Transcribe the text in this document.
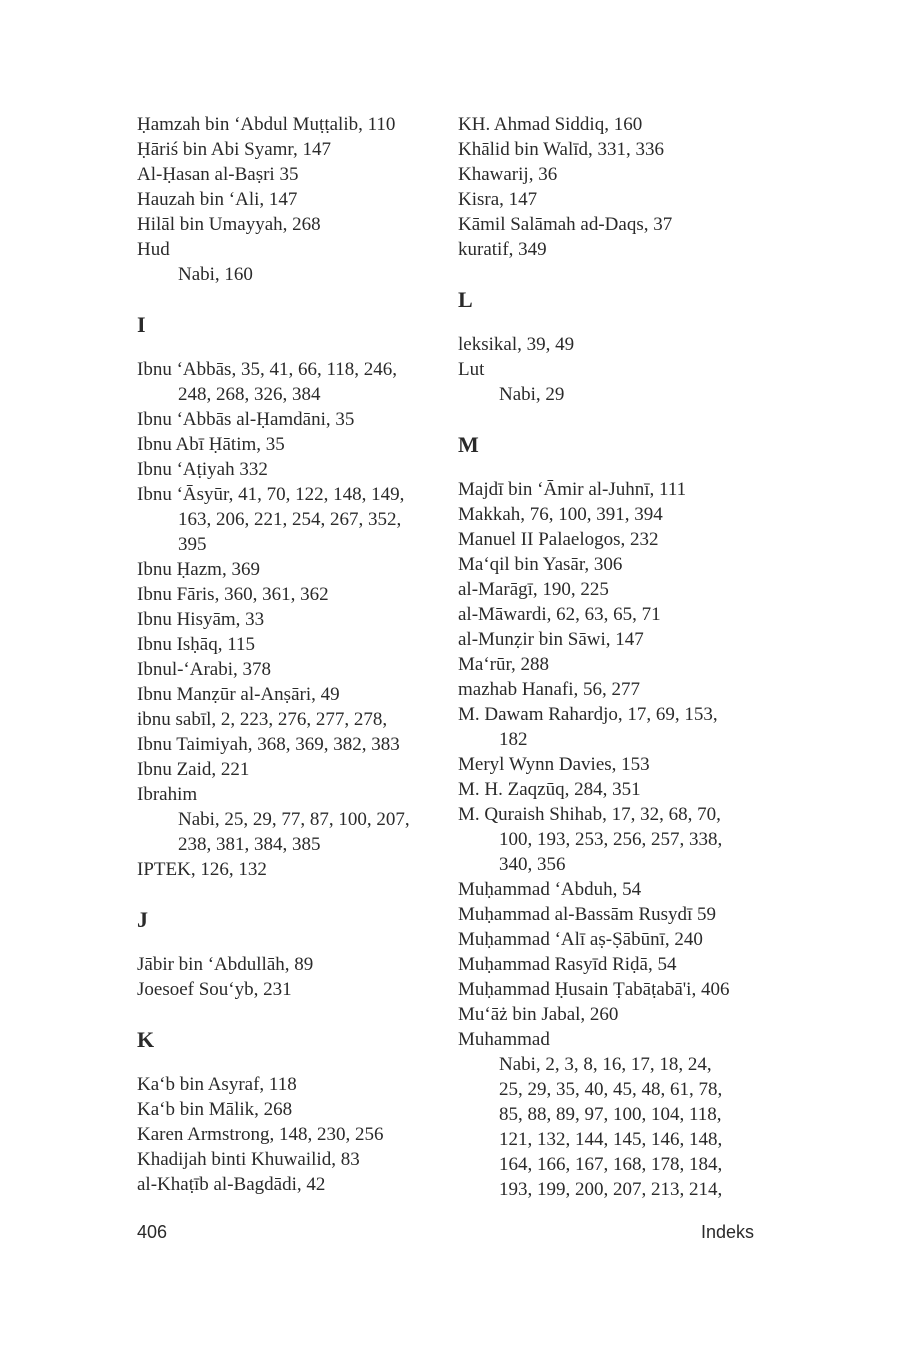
Ḥamzah bin ‘Abdul Muṭṭalib, 110
Ḥāriś bin Abi Syamr, 147
Al-Ḥasan al-Baṣri 35
Hauzah bin ‘Ali, 147
Hilāl bin Umayyah, 268
Hud
Nabi, 160
I
Ibnu ‘Abbās, 35, 41, 66, 118, 246,
248, 268, 326, 384
Ibnu ‘Abbās al-Ḥamdāni, 35
Ibnu Abī Ḥātim, 35
Ibnu ‘Aṭiyah 332
Ibnu ‘Āsyūr, 41, 70, 122, 148, 149,
163, 206, 221, 254, 267, 352,
395
Ibnu Ḥazm, 369
Ibnu Fāris, 360, 361, 362
Ibnu Hisyām, 33
Ibnu Isḥāq, 115
Ibnul-‘Arabi, 378
Ibnu Manẓūr al-Anṣāri, 49
ibnu sabīl, 2, 223, 276, 277, 278,
Ibnu Taimiyah, 368, 369, 382, 383
Ibnu Zaid, 221
Ibrahim
Nabi, 25, 29, 77, 87, 100, 207,
238, 381, 384, 385
IPTEK, 126, 132
J
Jābir bin ‘Abdullāh, 89
Joesoef Sou‘yb, 231
K
Ka‘b bin Asyraf, 118
Ka‘b bin Mālik, 268
Karen Armstrong, 148, 230, 256
Khadijah binti Khuwailid, 83
al-Khaṭīb al-Bagdādi, 42
KH. Ahmad Siddiq, 160
Khālid bin Walīd, 331, 336
Khawarij, 36
Kisra, 147
Kāmil Salāmah ad-Daqs, 37
kuratif, 349
L
leksikal, 39, 49
Lut
Nabi, 29
M
Majdī bin ‘Āmir al-Juhnī, 111
Makkah, 76, 100, 391, 394
Manuel II Palaelogos, 232
Ma‘qil bin Yasār, 306
al-Marāgī, 190, 225
al-Māwardi, 62, 63, 65, 71
al-Munẓir bin Sāwi, 147
Ma‘rūr, 288
mazhab Hanafi, 56, 277
M. Dawam Rahardjo, 17, 69, 153,
182
Meryl Wynn Davies, 153
M. H. Zaqzūq, 284, 351
M. Quraish Shihab, 17, 32, 68, 70,
100, 193, 253, 256, 257, 338,
340, 356
Muḥammad ‘Abduh, 54
Muḥammad al-Bassām Rusydī 59
Muḥammad ‘Alī aṣ-Ṣābūnī, 240
Muḥammad Rasyīd Riḍā, 54
Muḥammad Ḥusain Ṭabāṭabā'i, 406
Mu‘āż bin Jabal, 260
Muhammad
Nabi, 2, 3, 8, 16, 17, 18, 24,
25, 29, 35, 40, 45, 48, 61, 78,
85, 88, 89, 97, 100, 104, 118,
121, 132, 144, 145, 146, 148,
164, 166, 167, 168, 178, 184,
193, 199, 200, 207, 213, 214,
406	Indeks
